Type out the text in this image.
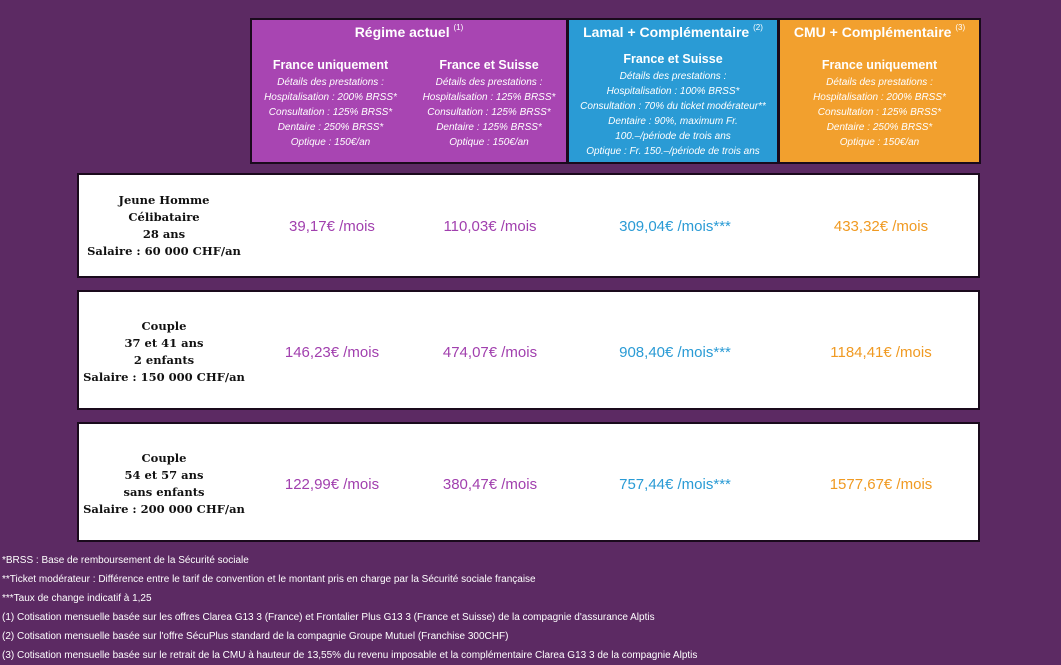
Régime actuel $^{(1)}$
France uniquement
Détails des prestations :
Hospitalisation : 200% BRSS*
Consultation : 125% BRSS*
Dentaire : 250% BRSS*
Optique : 150€/an
France et Suisse
Détails des prestations :
Hospitalisation : 125% BRSS*
Consultation : 125% BRSS*
Dentaire : 125% BRSS*
Optique : 150€/an
Lamal + Complémentaire $^{(2)}$
France et Suisse
Détails des prestations :
Hospitalisation : 100% BRSS*
Consultation : 70% du ticket modérateur**
Dentaire : 90%, maximum Fr.
100.–/période de trois ans
Optique : Fr. 150.–/période de trois ans
CMU + Complémentaire $^{(3)}$
France uniquement
Détails des prestations :
Hospitalisation : 200% BRSS*
Consultation : 125% BRSS*
Dentaire : 250% BRSS*
Optique : 150€/an
Jeune Homme
Célibataire
28 ans
Salaire : 60 000 CHF/an
39,17€ /mois	110,03€ /mois	309,04€ /mois***	433,32€ /mois
Couple
37 et 41 ans
2 enfants
Salaire : 150 000 CHF/an
146,23€ /mois	474,07€ /mois	908,40€ /mois***	1184,41€ /mois
Couple
54 et 57 ans
sans enfants
Salaire : 200 000 CHF/an
122,99€ /mois	380,47€ /mois	757,44€ /mois***	1577,67€ /mois
*BRSS : Base de remboursement de la Sécurité sociale
**Ticket modérateur : Différence entre le tarif de convention et le montant pris en charge par la Sécurité sociale française
***Taux de change indicatif à 1,25
(1) Cotisation mensuelle basée sur les offres Clarea G13 3 (France) et Frontalier Plus G13 3 (France et Suisse) de la compagnie d'assurance Alptis
(2) Cotisation mensuelle basée sur l'offre SécuPlus standard de la compagnie Groupe Mutuel (Franchise 300CHF)
(3) Cotisation mensuelle basée sur le retrait de la CMU à hauteur de 13,55% du revenu imposable et la complémentaire Clarea G13 3 de la compagnie Alptis
